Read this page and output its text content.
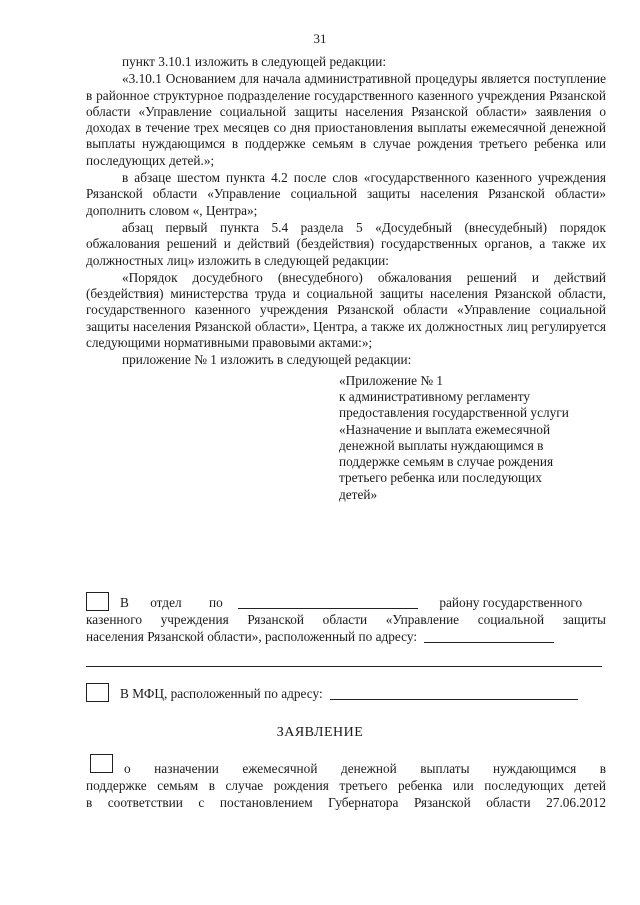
31

пункт 3.10.1 изложить в следующей редакции:

«3.10.1 Основанием для начала административной процедуры является поступление в районное структурное подразделение государственного казенного учреждения Рязанской области «Управление социальной защиты населения Рязанской области» заявления о доходах в течение трех месяцев со дня приостановления выплаты ежемесячной денежной выплаты нуждающимся в поддержке семьям в случае рождения третьего ребенка или последующих детей.»;

в абзаце шестом пункта 4.2 после слов «государственного казенного учреждения Рязанской области «Управление социальной защиты населения Рязанской области» дополнить словом «, Центра»;

абзац первый пункта 5.4 раздела 5 «Досудебный (внесудебный) порядок обжалования решений и действий (бездействия) государственных органов, а также их должностных лиц» изложить в следующей редакции:

«Порядок досудебного (внесудебного) обжалования решений и действий (бездействия) министерства труда и социальной защиты населения Рязанской области, государственного казенного учреждения Рязанской области «Управление социальной защиты населения Рязанской области», Центра, а также их должностных лиц регулируется следующими нормативными правовыми актами:»;

приложение № 1 изложить в следующей редакции:

«Приложение № 1
к административному регламенту
предоставления государственной услуги
«Назначение и выплата ежемесячной
денежной выплаты нуждающимся в
поддержке семьям в случае рождения
третьего ребенка или последующих
детей»
В отдел по	району государственного
казенного учреждения Рязанской области «Управление социальной защиты
населения Рязанской области», расположенный по адресу:
В МФЦ, расположенный по адресу:
ЗАЯВЛЕНИЕ
о назначении ежемесячной денежной выплаты нуждающимся в
поддержке семьям в случае рождения третьего ребенка или последующих детей
в соответствии с постановлением Губернатора Рязанской области 27.06.2012
